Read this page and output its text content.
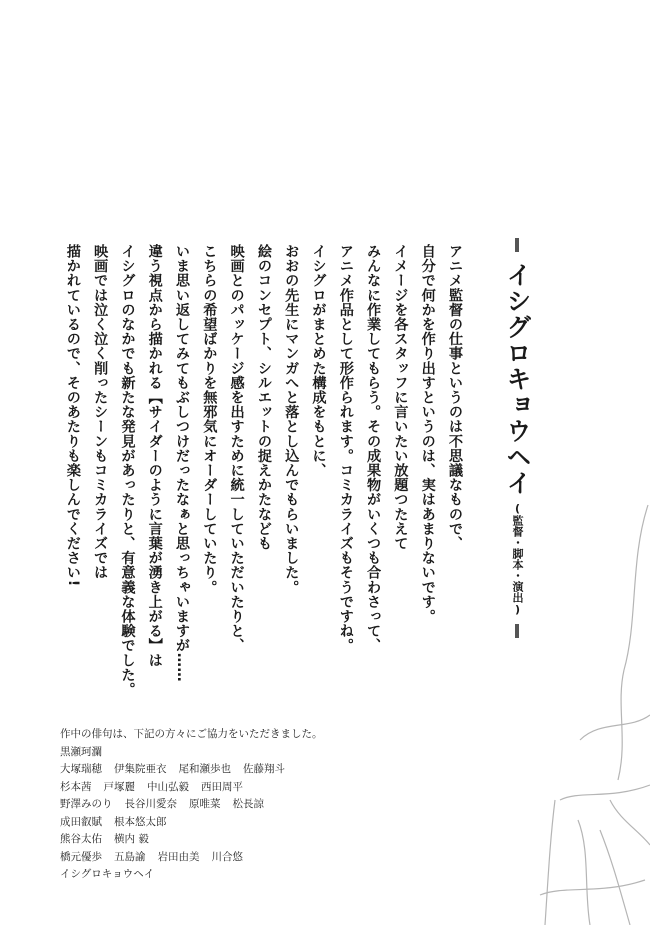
イシグロキョウヘイ
(監督・脚本・演出)

アニメ監督の仕事というのは不思議なもので、

自分で何かを作り出すというのは、実はあまりないです。

イメージを各スタッフに言いたい放題つたえて

みんなに作業してもらう。その成果物がいくつも合わさって、

アニメ作品として形作られます。コミカライズもそうですね。

イシグロがまとめた構成をもとに、

おおの先生にマンガへと落とし込んでもらいました。

絵のコンセプト、シルエットの捉えかたなども

映画とのパッケージ感を出すために統一していただいたりと、

こちらの希望ばかりを無邪気にオーダーしていたり。

いま思い返してみてもぶしつけだったなぁと思っちゃいますが……

違う視点から描かれる【サイダーのように言葉が湧き上がる】は

イシグロのなかでも新たな発見があったりと、有意義な体験でした。

映画では泣く泣く削ったシーンもコミカライズでは

描かれているので、そのあたりも楽しんでください!

作中の俳句は、下記の方々にご協力をいただきました。
黒瀬珂瀾
大塚瑞穂 伊集院亜衣 尾和瀬歩也 佐藤翔斗
杉本茜 戸塚麗 中山弘毅 西田周平
野澤みのり 長谷川愛奈 原唯菜 松長諒
成田叡賦 根本悠太郎
熊谷太佑 横内 毅
橋元優歩 五島諭 岩田由美 川合悠
イシグロキョウヘイ
